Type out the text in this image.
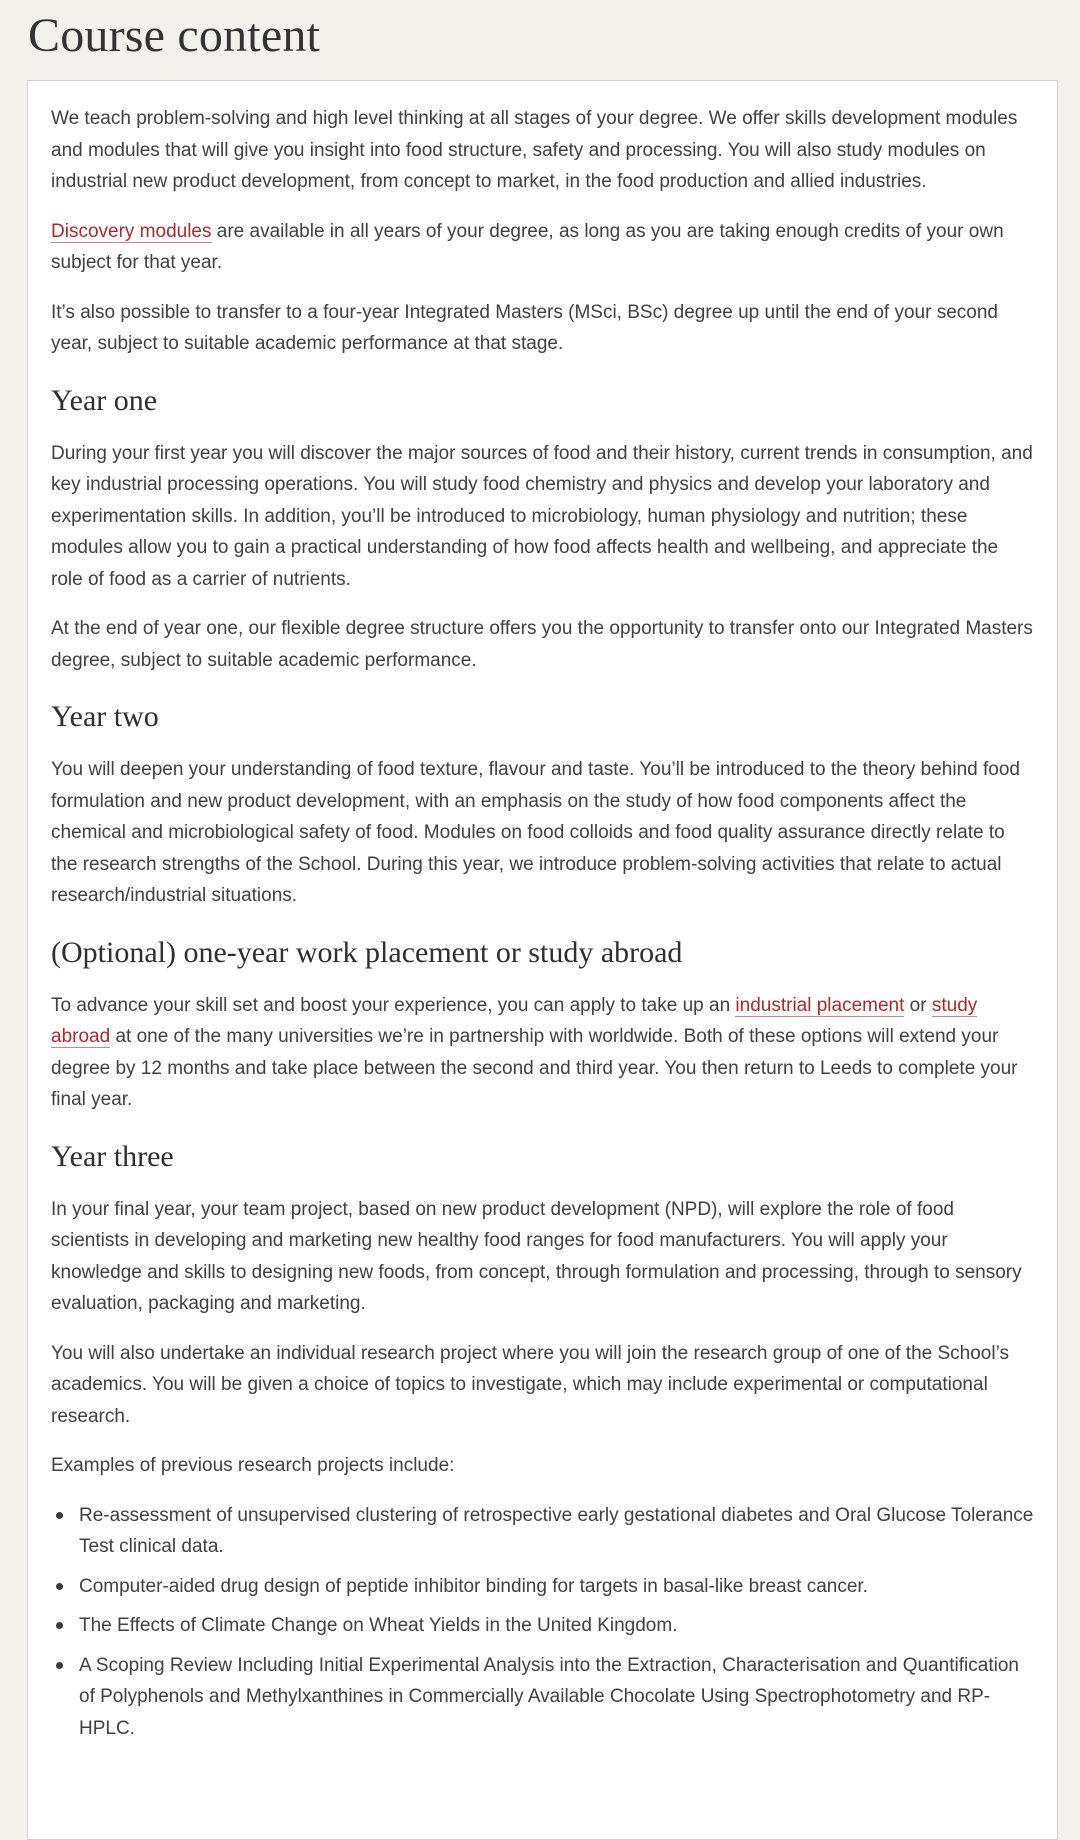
Course content

We teach problem-solving and high level thinking at all stages of your degree. We offer skills development modules and modules that will give you insight into food structure, safety and processing. You will also study modules on industrial new product development, from concept to market, in the food production and allied industries.

Discovery modules are available in all years of your degree, as long as you are taking enough credits of your own subject for that year.

It’s also possible to transfer to a four-year Integrated Masters (MSci, BSc) degree up until the end of your second year, subject to suitable academic performance at that stage.

Year one

During your first year you will discover the major sources of food and their history, current trends in consumption, and key industrial processing operations. You will study food chemistry and physics and develop your laboratory and experimentation skills. In addition, you’ll be introduced to microbiology, human physiology and nutrition; these modules allow you to gain a practical understanding of how food affects health and wellbeing, and appreciate the role of food as a carrier of nutrients.

At the end of year one, our flexible degree structure offers you the opportunity to transfer onto our Integrated Masters degree, subject to suitable academic performance.

Year two

You will deepen your understanding of food texture, flavour and taste. You’ll be introduced to the theory behind food formulation and new product development, with an emphasis on the study of how food components affect the chemical and microbiological safety of food. Modules on food colloids and food quality assurance directly relate to the research strengths of the School. During this year, we introduce problem-solving activities that relate to actual research/industrial situations.

(Optional) one-year work placement or study abroad

To advance your skill set and boost your experience, you can apply to take up an industrial placement or study abroad at one of the many universities we’re in partnership with worldwide. Both of these options will extend your degree by 12 months and take place between the second and third year. You then return to Leeds to complete your final year.

Year three

In your final year, your team project, based on new product development (NPD), will explore the role of food scientists in developing and marketing new healthy food ranges for food manufacturers. You will apply your knowledge and skills to designing new foods, from concept, through formulation and processing, through to sensory evaluation, packaging and marketing.

You will also undertake an individual research project where you will join the research group of one of the School’s academics. You will be given a choice of topics to investigate, which may include experimental or computational research.

Examples of previous research projects include:

Re-assessment of unsupervised clustering of retrospective early gestational diabetes and Oral Glucose Tolerance Test clinical data.
Computer-aided drug design of peptide inhibitor binding for targets in basal-like breast cancer.
The Effects of Climate Change on Wheat Yields in the United Kingdom.
A Scoping Review Including Initial Experimental Analysis into the Extraction, Characterisation and Quantification of Polyphenols and Methylxanthines in Commercially Available Chocolate Using Spectrophotometry and RP-HPLC.
